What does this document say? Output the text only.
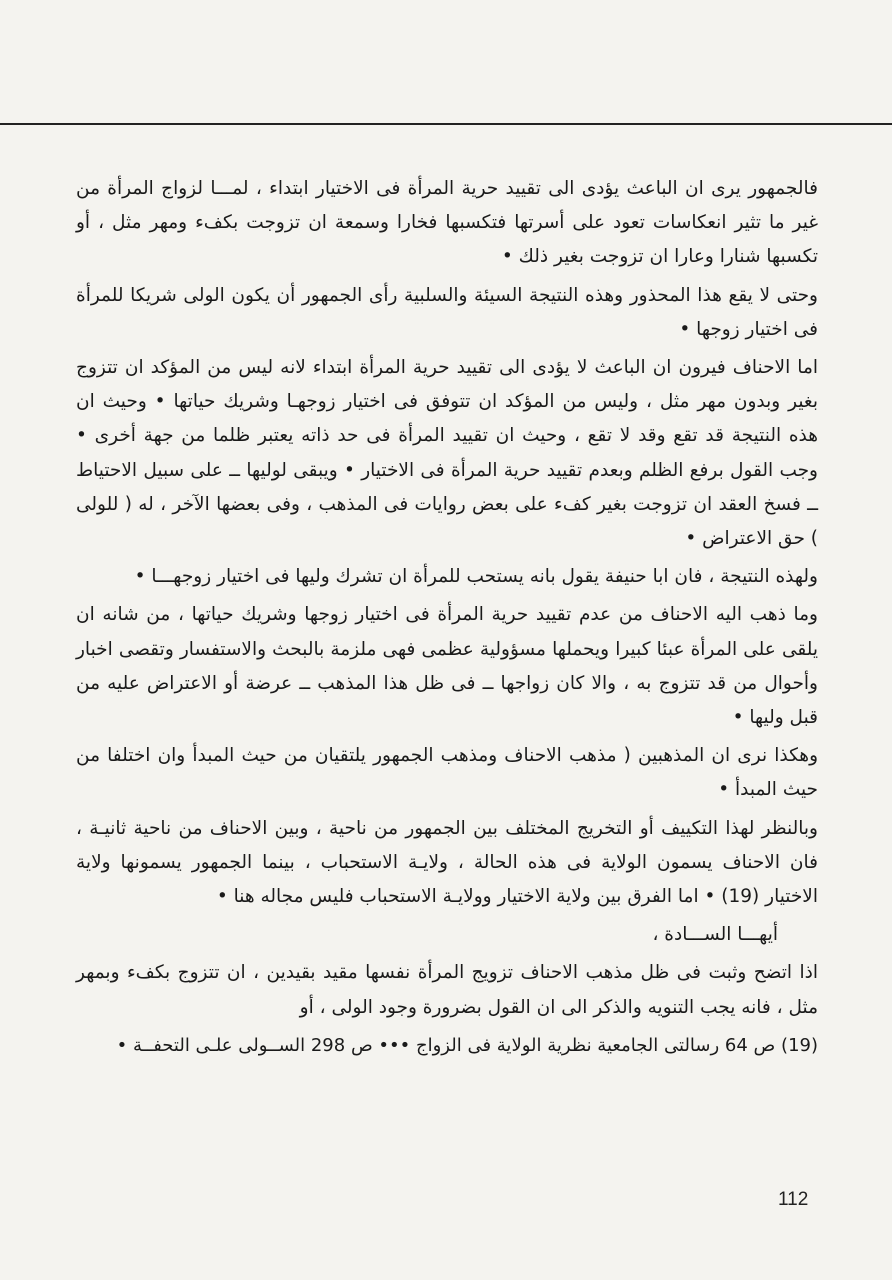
فالجمهور يرى ان الباعث يؤدى الى تقييد حرية المرأة فى الاختيار ابتداء ، لمـــا لزواج المرأة من غير ما تثير انعكاسات تعود على أسرتها فتكسبها فخارا وسمعة ان تزوجت بكفء ومهر مثل ، أو تكسبها شنارا وعارا ان تزوجت بغير ذلك •

وحتى لا يقع هذا المحذور وهذه النتيجة السيئة والسلبية رأى الجمهور أن يكون الولى شريكا للمرأة فى اختيار زوجها •

اما الاحناف فيرون ان الباعث لا يؤدى الى تقييد حرية المرأة ابتداء لانه ليس من المؤكد ان تتزوج بغير وبدون مهر مثل ، وليس من المؤكد ان تتوفق فى اختيار زوجهـا وشريك حياتها • وحيث ان هذه النتيجة قد تقع وقد لا تقع ، وحيث ان تقييد المرأة فى حد ذاته يعتبر ظلما من جهة أخرى • وجب القول برفع الظلم وبعدم تقييد حرية المرأة فى الاختيار • ويبقى لوليها ــ على سبيل الاحتياط ــ فسخ العقد ان تزوجت بغير كفء على بعض روايات فى المذهب ، وفى بعضها الآخر ، له ( للولى ) حق الاعتراض •

ولهذه النتيجة ، فان ابا حنيفة يقول بانه يستحب للمرأة ان تشرك وليها فى اختيار زوجهـــا •

وما ذهب اليه الاحناف من عدم تقييد حرية المرأة فى اختيار زوجها وشريك حياتها ، من شانه ان يلقى على المرأة عبئا كبيرا ويحملها مسؤولية عظمى فهى ملزمة بالبحث والاستفسار وتقصى اخبار وأحوال من قد تتزوج به ، والا كان زواجها ــ فى ظل هذا المذهب ــ عرضة أو الاعتراض عليه من قبل وليها •

وهكذا نرى ان المذهبين ( مذهب الاحناف ومذهب الجمهور يلتقيان من حيث المبدأ وان اختلفا من حيث المبدأ •

وبالنظر لهذا التكييف أو التخريج المختلف بين الجمهور من ناحية ، وبين الاحناف من ناحية ثانيـة ، فان الاحناف يسمون الولاية فى هذه الحالة ، ولايـة الاستحباب ، بينما الجمهور يسمونها ولاية الاختيار (19) • اما الفرق بين ولاية الاختيار وولايـة الاستحباب فليس مجاله هنا •

أيهـــا الســـادة ،

اذا اتضح وثبت فى ظل مذهب الاحناف تزويج المرأة نفسها مقيد بقيدين ، ان تتزوج بكفء وبمهر مثل ، فانه يجب التنويه والذكر الى ان القول بضرورة وجود الولى ، أو

(19) ص 64 رسالتى الجامعية نظرية الولاية فى الزواج ••• ص 298 الســولى علـى التحفــة •

112
